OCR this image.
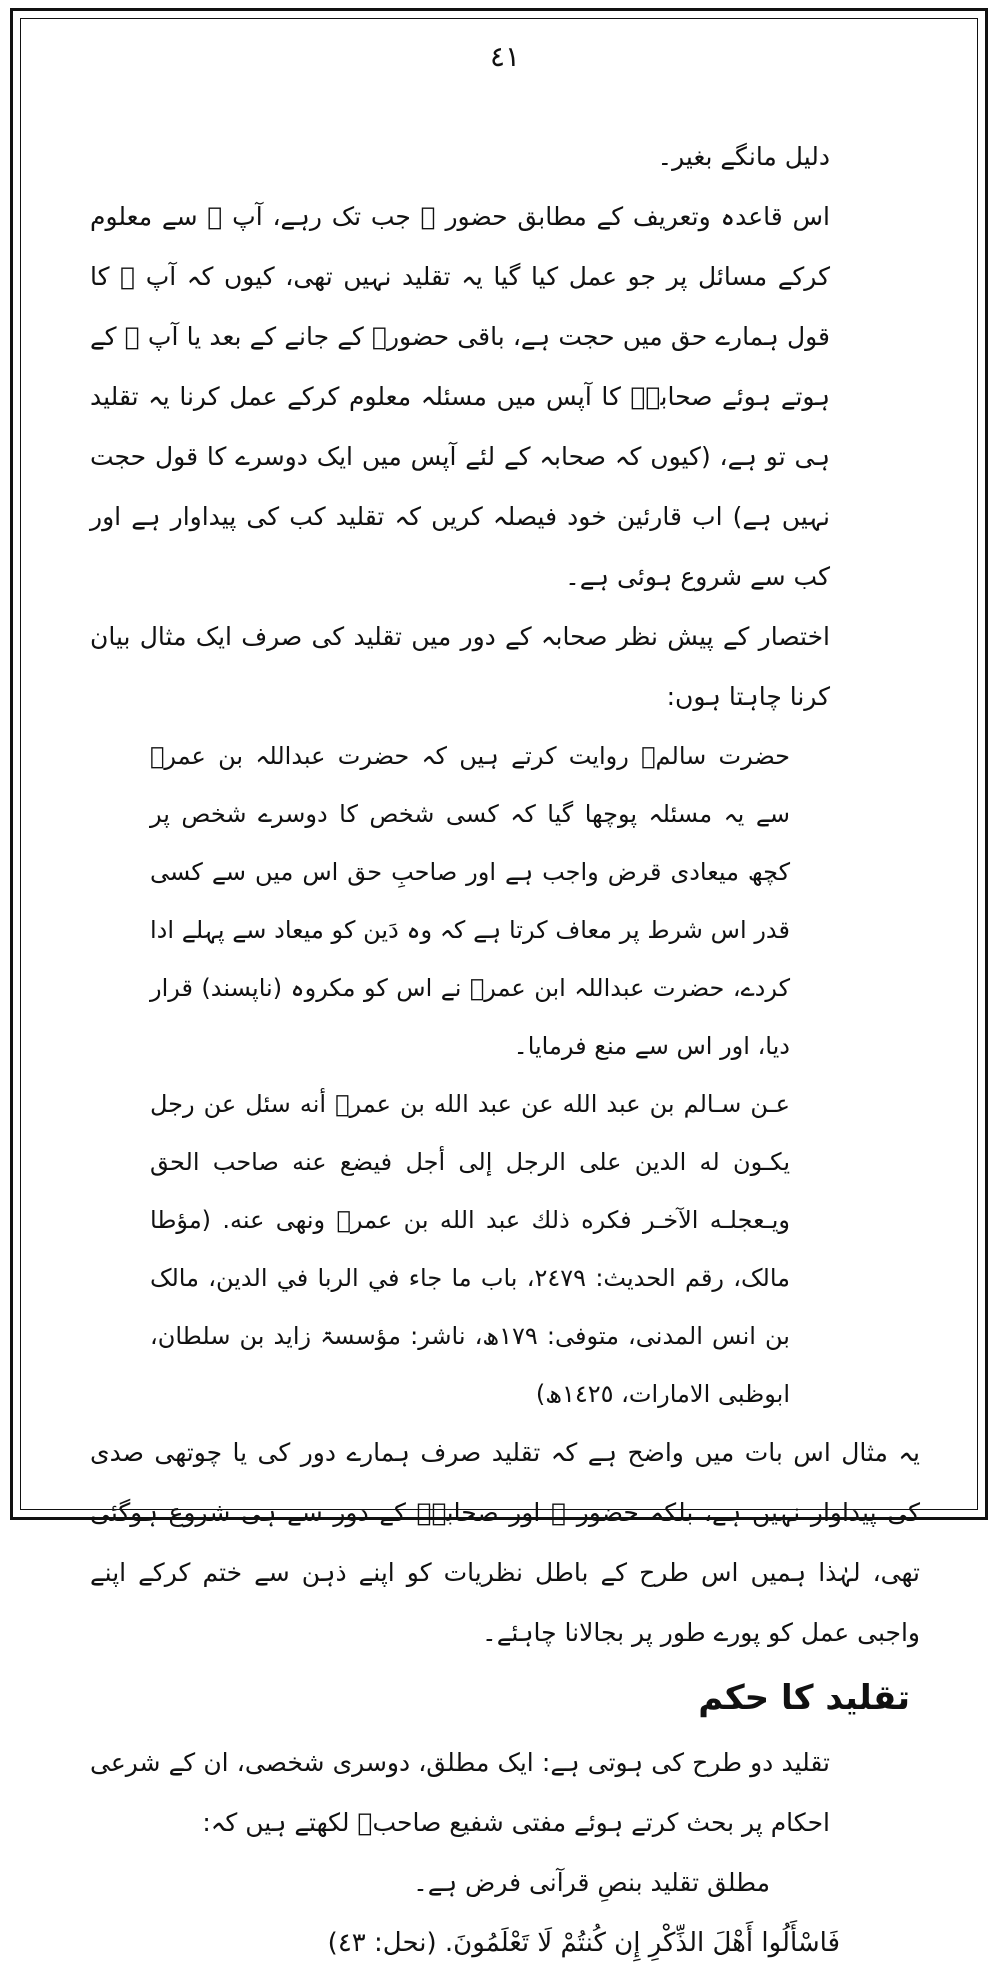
٤١

دلیل مانگے بغیر۔

اس قاعدہ وتعریف کے مطابق حضور ﷺ جب تک رہے، آپ ﷺ سے معلوم کرکے مسائل پر جو عمل کیا گیا یہ تقلید نہیں تھی، کیوں کہ آپ ﷺ کا قول ہمارے حق میں حجت ہے، باقی حضورؐ کے جانے کے بعد یا آپ ﷺ کے ہوتے ہوئے صحابہؓ کا آپس میں مسئلہ معلوم کرکے عمل کرنا یہ تقلید ہی تو ہے، (کیوں کہ صحابہ کے لئے آپس میں ایک دوسرے کا قول حجت نہیں ہے) اب قارئین خود فیصلہ کریں کہ تقلید کب کی پیداوار ہے اور کب سے شروع ہوئی ہے۔

اختصار کے پیش نظر صحابہ کے دور میں تقلید کی صرف ایک مثال بیان کرنا چاہتا ہوں:

حضرت سالمؒ روایت کرتے ہیں کہ حضرت عبداللہ بن عمرؓ سے یہ مسئلہ پوچھا گیا کہ کسی شخص کا دوسرے شخص پر کچھ میعادی قرض واجب ہے اور صاحبِ حق اس میں سے کسی قدر اس شرط پر معاف کرتا ہے کہ وہ دَین کو میعاد سے پہلے ادا کردے، حضرت عبداللہ ابن عمرؓ نے اس کو مکروہ (ناپسند) قرار دیا، اور اس سے منع فرمایا۔

عـن سـالم بن عبد الله عن عبد الله بن عمرؓ أنه سئل عن رجل يكـون له الدين على الرجل إلى أجل فيضع عنه صاحب الحق ويـعجلـه الآخـر فكره ذلك عبد الله بن عمرؓ ونهى عنه. (مؤطا مالک، رقم الحدیث: ٢٤٧٩، باب ما جاء في الربا في الدين، مالک بن انس المدنی، متوفی: ١٧٩ھ، ناشر: مؤسسۃ زاید بن سلطان، ابوظبی الامارات، ١٤٢٥ھ)

یہ مثال اس بات میں واضح ہے کہ تقلید صرف ہمارے دور کی یا چوتھی صدی کی پیداوار نہیں ہے، بلکہ حضور ﷺ اور صحابہؓ کے دور سے ہی شروع ہوگئی تھی، لہٰذا ہمیں اس طرح کے باطل نظریات کو اپنے ذہن سے ختم کرکے اپنے واجبی عمل کو پورے طور پر بجالانا چاہئے۔

تقلید کا حکم

تقلید دو طرح کی ہوتی ہے: ایک مطلق، دوسری شخصی، ان کے شرعی احکام پر بحث کرتے ہوئے مفتی شفیع صاحبؒ لکھتے ہیں کہ:

مطلق تقلید بنصِ قرآنی فرض ہے۔

فَاسْأَلُوا أَهْلَ الذِّكْرِ إِن كُنتُمْ لَا تَعْلَمُونَ. (نحل: ٤٣)
